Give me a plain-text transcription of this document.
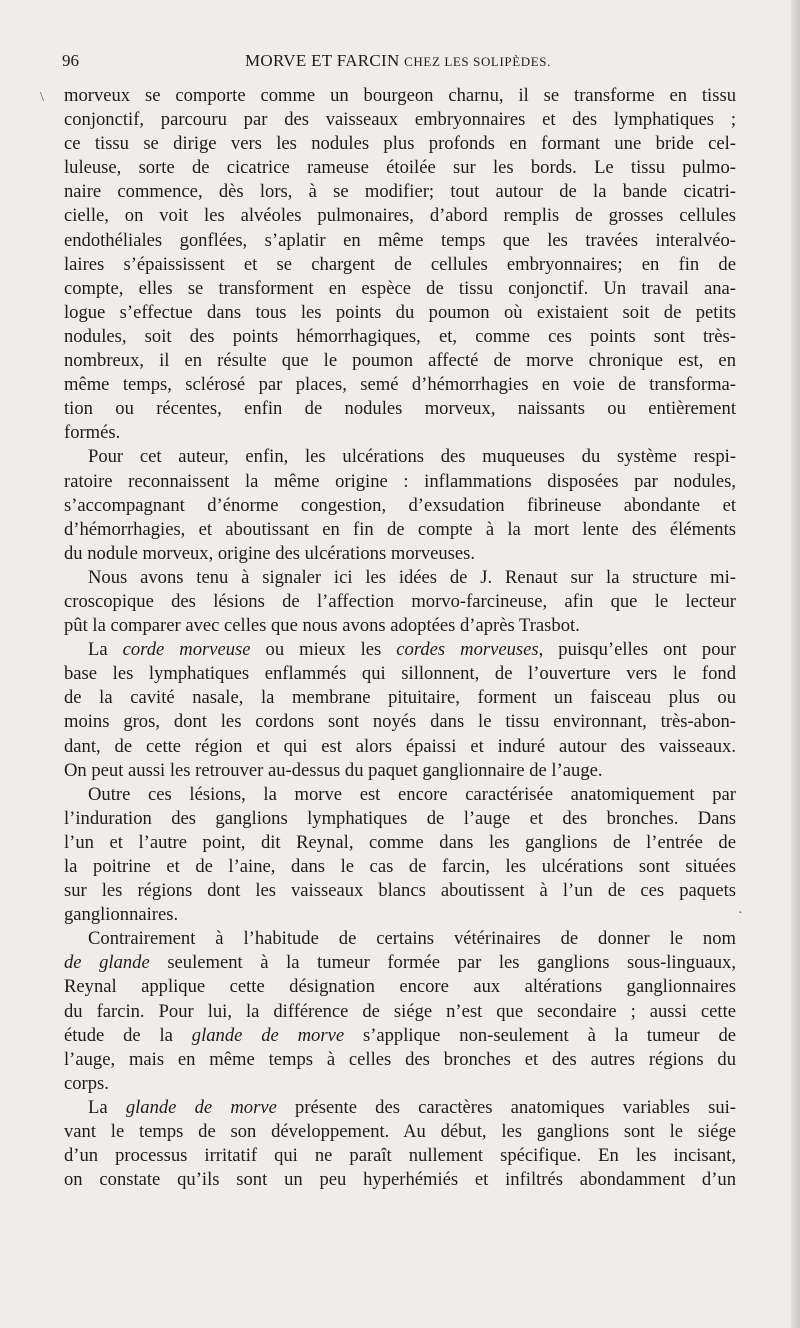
96	MORVE ET FARCIN CHEZ LES SOLIPÈDES.
\
·
morveux se comporte comme un bourgeon charnu, il se transforme en tissu
conjonctif, parcouru par des vaisseaux embryonnaires et des lymphatiques ;
ce tissu se dirige vers les nodules plus profonds en formant une bride cel-
luleuse, sorte de cicatrice rameuse étoilée sur les bords. Le tissu pulmo-
naire commence, dès lors, à se modifier; tout autour de la bande cicatri-
cielle, on voit les alvéoles pulmonaires, d’abord remplis de grosses cellules
endothéliales gonflées, s’aplatir en même temps que les travées interalvéo-
laires s’épaississent et se chargent de cellules embryonnaires; en fin de
compte, elles se transforment en espèce de tissu conjonctif. Un travail ana-
logue s’effectue dans tous les points du poumon où existaient soit de petits
nodules, soit des points hémorrhagiques, et, comme ces points sont très-
nombreux, il en résulte que le poumon affecté de morve chronique est, en
même temps, sclérosé par places, semé d’hémorrhagies en voie de transforma-
tion ou récentes, enfin de nodules morveux, naissants ou entièrement
formés.
Pour cet auteur, enfin, les ulcérations des muqueuses du système respi-
ratoire reconnaissent la même origine : inflammations disposées par nodules,
s’accompagnant d’énorme congestion, d’exsudation fibrineuse abondante et
d’hémorrhagies, et aboutissant en fin de compte à la mort lente des éléments
du nodule morveux, origine des ulcérations morveuses.
Nous avons tenu à signaler ici les idées de J. Renaut sur la structure mi-
croscopique des lésions de l’affection morvo-farcineuse, afin que le lecteur
pût la comparer avec celles que nous avons adoptées d’après Trasbot.
La corde morveuse ou mieux les cordes morveuses, puisqu’elles ont pour
base les lymphatiques enflammés qui sillonnent, de l’ouverture vers le fond
de la cavité nasale, la membrane pituitaire, forment un faisceau plus ou
moins gros, dont les cordons sont noyés dans le tissu environnant, très-abon-
dant, de cette région et qui est alors épaissi et induré autour des vaisseaux.
On peut aussi les retrouver au-dessus du paquet ganglionnaire de l’auge.
Outre ces lésions, la morve est encore caractérisée anatomiquement par
l’induration des ganglions lymphatiques de l’auge et des bronches. Dans
l’un et l’autre point, dit Reynal, comme dans les ganglions de l’entrée de
la poitrine et de l’aine, dans le cas de farcin, les ulcérations sont situées
sur les régions dont les vaisseaux blancs aboutissent à l’un de ces paquets
ganglionnaires.
Contrairement à l’habitude de certains vétérinaires de donner le nom
de glande seulement à la tumeur formée par les ganglions sous-linguaux,
Reynal applique cette désignation encore aux altérations ganglionnaires
du farcin. Pour lui, la différence de siége n’est que secondaire ; aussi cette
étude de la glande de morve s’applique non-seulement à la tumeur de
l’auge, mais en même temps à celles des bronches et des autres régions du
corps.
La glande de morve présente des caractères anatomiques variables sui-
vant le temps de son développement. Au début, les ganglions sont le siége
d’un processus irritatif qui ne paraît nullement spécifique. En les incisant,
on constate qu’ils sont un peu hyperhémiés et infiltrés abondamment d’un
